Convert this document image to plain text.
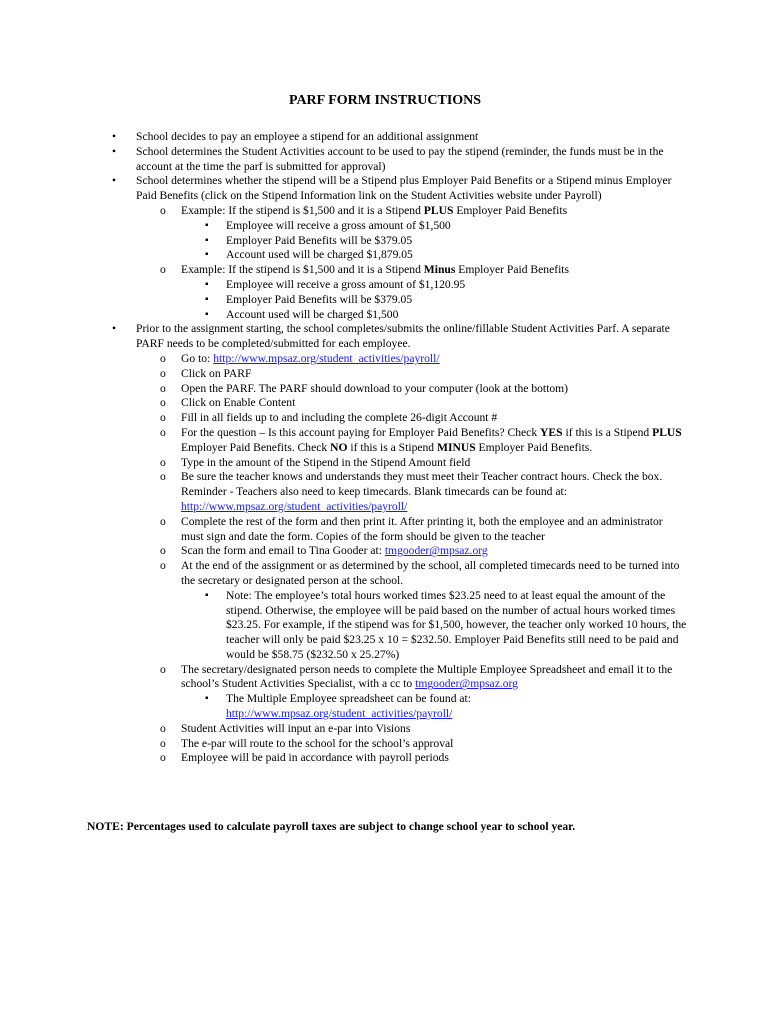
PARF FORM INSTRUCTIONS
• School decides to pay an employee a stipend for an additional assignment
• School determines the Student Activities account to be used to pay the stipend (reminder, the funds must be in the account at the time the parf is submitted for approval)
• School determines whether the stipend will be a Stipend plus Employer Paid Benefits or a Stipend minus Employer Paid Benefits (click on the Stipend Information link on the Student Activities website under Payroll)
o Example: If the stipend is $1,500 and it is a Stipend PLUS Employer Paid Benefits
▪ Employee will receive a gross amount of $1,500
▪ Employer Paid Benefits will be $379.05
▪ Account used will be charged $1,879.05
o Example: If the stipend is $1,500 and it is a Stipend Minus Employer Paid Benefits
▪ Employee will receive a gross amount of $1,120.95
▪ Employer Paid Benefits will be $379.05
▪ Account used will be charged $1,500
• Prior to the assignment starting, the school completes/submits the online/fillable Student Activities Parf. A separate PARF needs to be completed/submitted for each employee.
o Go to: http://www.mpsaz.org/student_activities/payroll/
o Click on PARF
o Open the PARF. The PARF should download to your computer (look at the bottom)
o Click on Enable Content
o Fill in all fields up to and including the complete 26-digit Account #
o For the question – Is this account paying for Employer Paid Benefits? Check YES if this is a Stipend PLUS Employer Paid Benefits. Check NO if this is a Stipend MINUS Employer Paid Benefits.
o Type in the amount of the Stipend in the Stipend Amount field
o Be sure the teacher knows and understands they must meet their Teacher contract hours. Check the box. Reminder - Teachers also need to keep timecards. Blank timecards can be found at: http://www.mpsaz.org/student_activities/payroll/
o Complete the rest of the form and then print it. After printing it, both the employee and an administrator must sign and date the form. Copies of the form should be given to the teacher
o Scan the form and email to Tina Gooder at: tmgooder@mpsaz.org
o At the end of the assignment or as determined by the school, all completed timecards need to be turned into the secretary or designated person at the school.
▪ Note: The employee’s total hours worked times $23.25 need to at least equal the amount of the stipend. Otherwise, the employee will be paid based on the number of actual hours worked times $23.25. For example, if the stipend was for $1,500, however, the teacher only worked 10 hours, the teacher will only be paid $23.25 x 10 = $232.50. Employer Paid Benefits still need to be paid and would be $58.75 ($232.50 x 25.27%)
o The secretary/designated person needs to complete the Multiple Employee Spreadsheet and email it to the school’s Student Activities Specialist, with a cc to tmgooder@mpsaz.org
▪ The Multiple Employee spreadsheet can be found at: http://www.mpsaz.org/student_activities/payroll/
o Student Activities will input an e-par into Visions
o The e-par will route to the school for the school’s approval
o Employee will be paid in accordance with payroll periods
NOTE: Percentages used to calculate payroll taxes are subject to change school year to school year.
